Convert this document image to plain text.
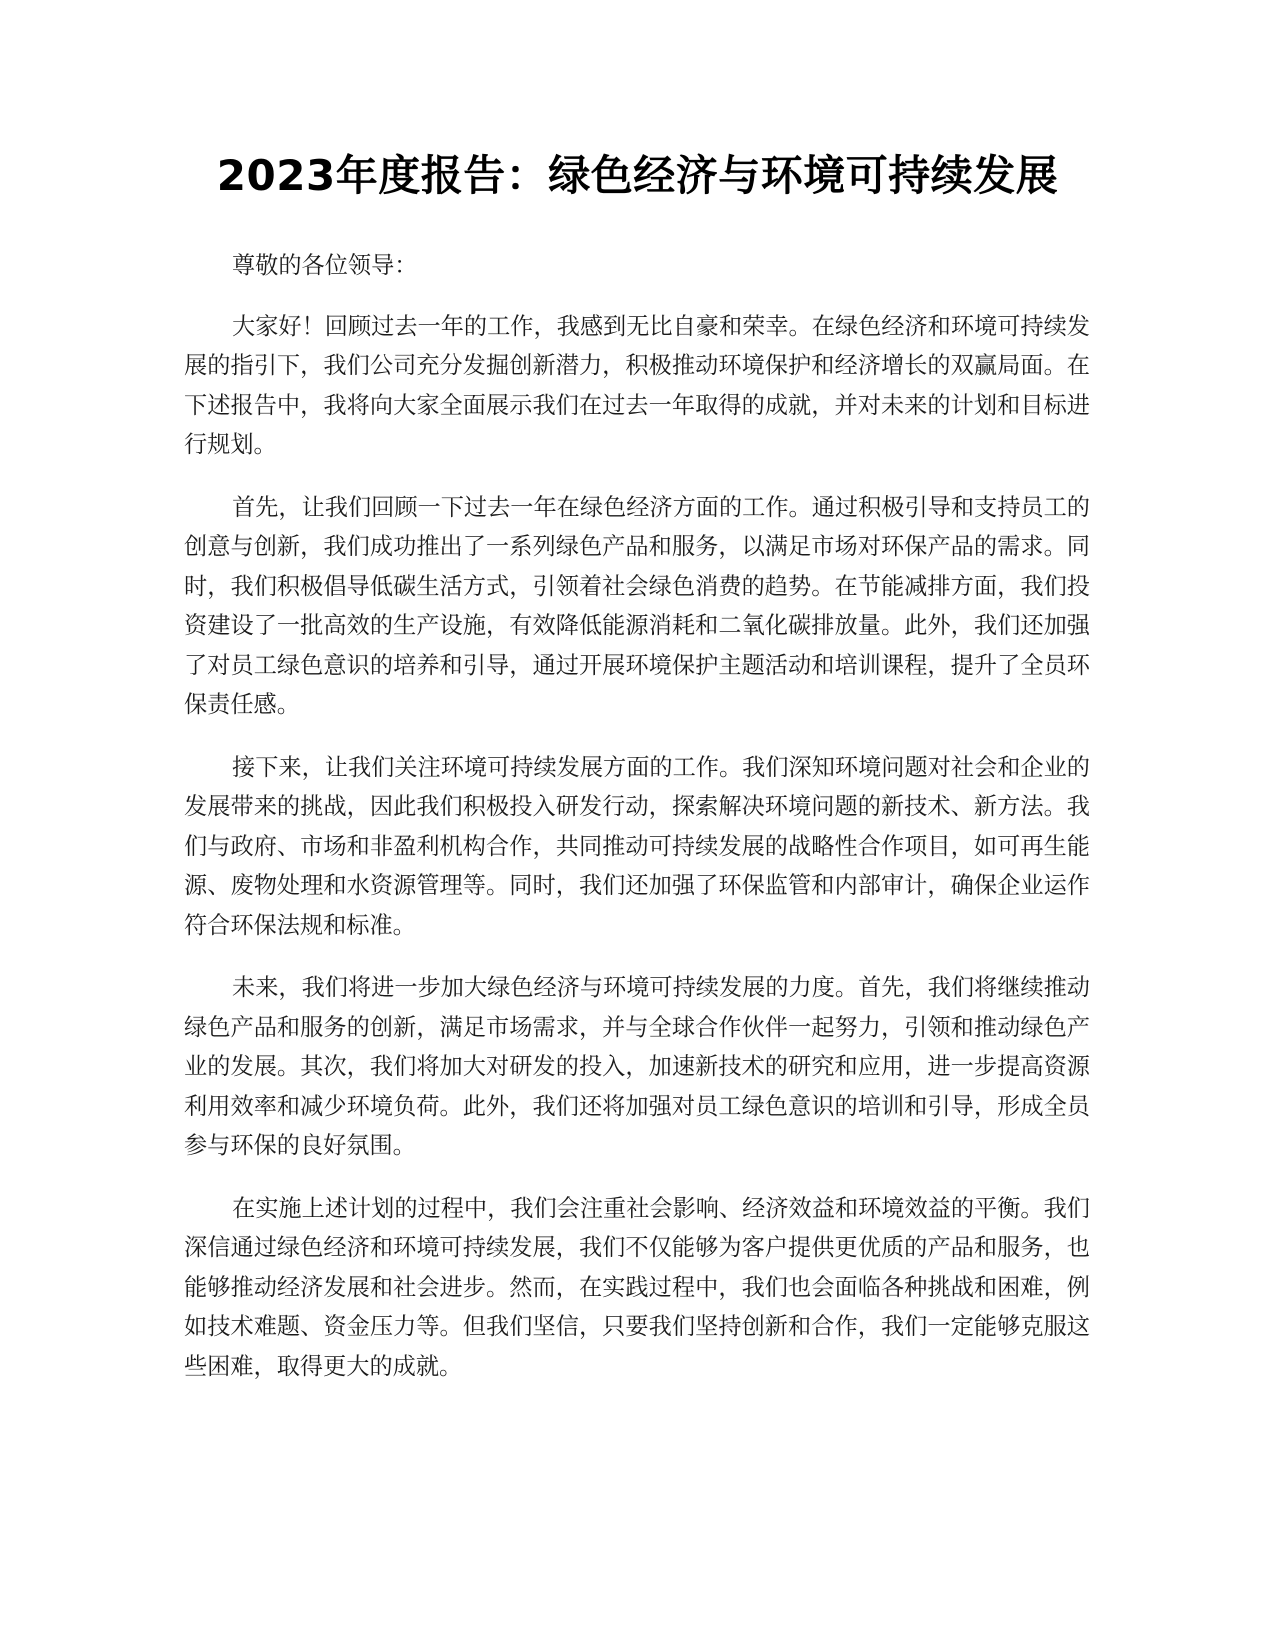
2023年度报告：绿色经济与环境可持续发展

尊敬的各位领导：

大家好！回顾过去一年的工作，我感到无比自豪和荣幸。在绿色经济和环境可持续发展的指引下，我们公司充分发掘创新潜力，积极推动环境保护和经济增长的双赢局面。在下述报告中，我将向大家全面展示我们在过去一年取得的成就，并对未来的计划和目标进行规划。

首先，让我们回顾一下过去一年在绿色经济方面的工作。通过积极引导和支持员工的创意与创新，我们成功推出了一系列绿色产品和服务，以满足市场对环保产品的需求。同时，我们积极倡导低碳生活方式，引领着社会绿色消费的趋势。在节能减排方面，我们投资建设了一批高效的生产设施，有效降低能源消耗和二氧化碳排放量。此外，我们还加强了对员工绿色意识的培养和引导，通过开展环境保护主题活动和培训课程，提升了全员环保责任感。

接下来，让我们关注环境可持续发展方面的工作。我们深知环境问题对社会和企业的发展带来的挑战，因此我们积极投入研发行动，探索解决环境问题的新技术、新方法。我们与政府、市场和非盈利机构合作，共同推动可持续发展的战略性合作项目，如可再生能源、废物处理和水资源管理等。同时，我们还加强了环保监管和内部审计，确保企业运作符合环保法规和标准。

未来，我们将进一步加大绿色经济与环境可持续发展的力度。首先，我们将继续推动绿色产品和服务的创新，满足市场需求，并与全球合作伙伴一起努力，引领和推动绿色产业的发展。其次，我们将加大对研发的投入，加速新技术的研究和应用，进一步提高资源利用效率和减少环境负荷。此外，我们还将加强对员工绿色意识的培训和引导，形成全员参与环保的良好氛围。

在实施上述计划的过程中，我们会注重社会影响、经济效益和环境效益的平衡。我们深信通过绿色经济和环境可持续发展，我们不仅能够为客户提供更优质的产品和服务，也能够推动经济发展和社会进步。然而，在实践过程中，我们也会面临各种挑战和困难，例如技术难题、资金压力等。但我们坚信，只要我们坚持创新和合作，我们一定能够克服这些困难，取得更大的成就。
